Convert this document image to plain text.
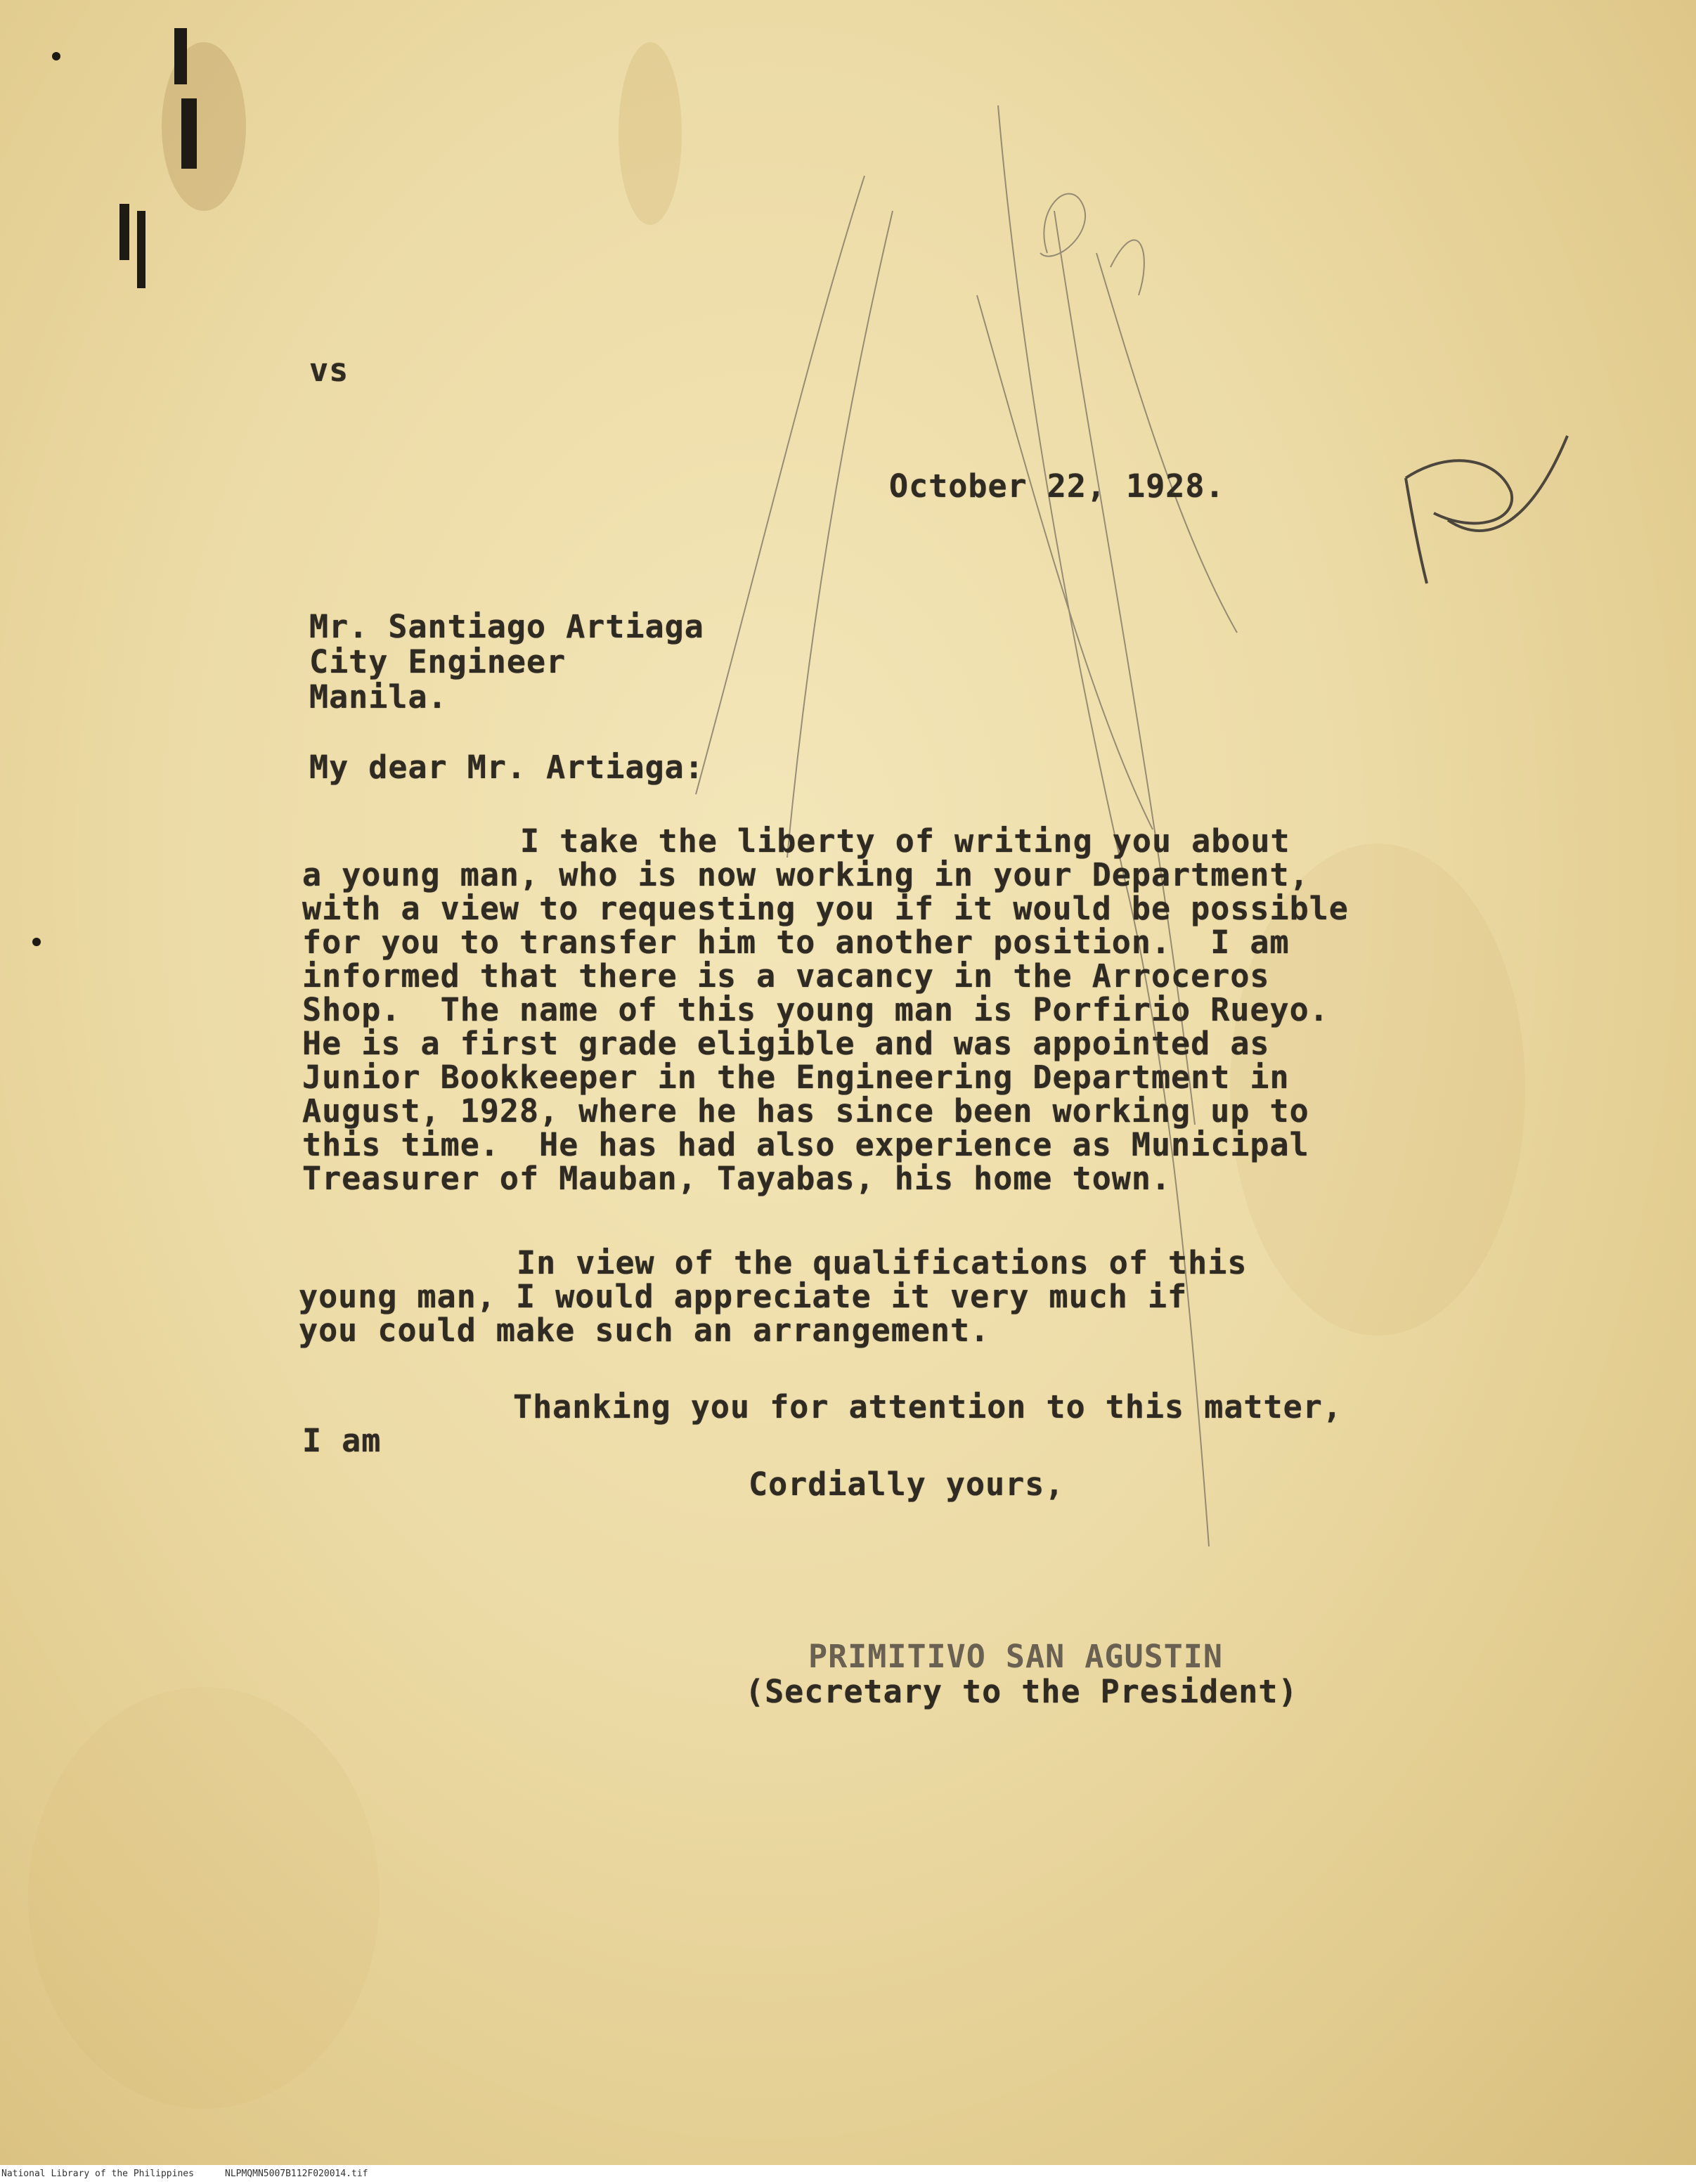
vs

October 22, 1928.

Mr. Santiago Artiaga

City Engineer

Manila.

My dear Mr. Artiaga:

I take the liberty of writing you about

a young man, who is now working in your Department,

with a view to requesting you if it would be possible

for you to transfer him to another position.  I am

informed that there is a vacancy in the Arroceros

Shop.  The name of this young man is Porfirio Rueyo.

He is a first grade eligible and was appointed as

Junior Bookkeeper in the Engineering Department in

August, 1928, where he has since been working up to

this time.  He has had also experience as Municipal

Treasurer of Mauban, Tayabas, his home town.

In view of the qualifications of this

young man, I would appreciate it very much if

you could make such an arrangement.

Thanking you for attention to this matter,

I am

Cordially yours,

PRIMITIVO SAN AGUSTIN

(Secretary to the President)

National Library of the Philippines	NLPMQMN5007B112F020014.tif
